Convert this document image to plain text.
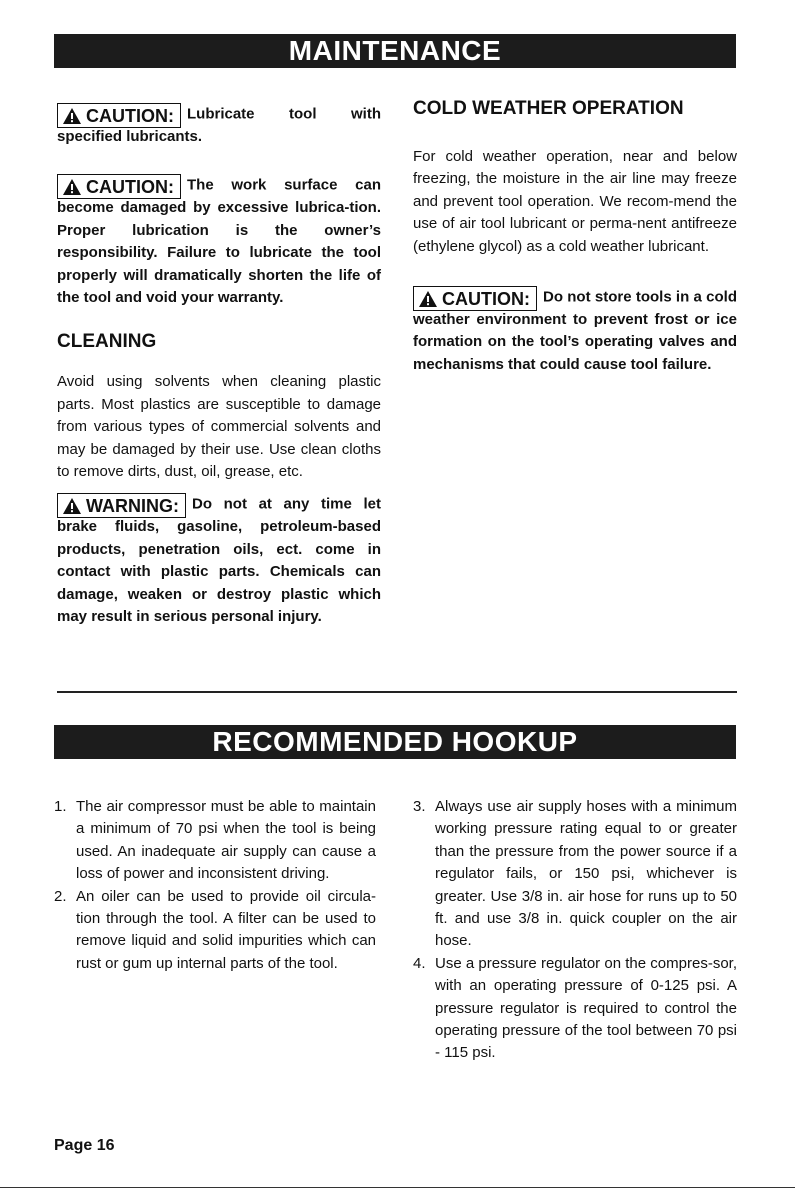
MAINTENANCE

CAUTION: Lubricate tool with specified lubricants.

CAUTION: The work surface can become damaged by excessive lubrica-tion. Proper lubrication is the owner’s responsibility. Failure to lubricate the tool properly will dramatically shorten the life of the tool and void your warranty.

CLEANING

Avoid using solvents when cleaning plastic parts. Most plastics are susceptible to damage from various types of commercial solvents and may be damaged by their use. Use clean cloths to remove dirts, dust, oil, grease, etc.

WARNING: Do not at any time let brake fluids, gasoline, petroleum-based products, penetration oils, ect. come in contact with plastic parts. Chemicals can damage, weaken or destroy plastic which may result in serious personal injury.

COLD WEATHER OPERATION

For cold weather operation, near and below freezing, the moisture in the air line may freeze and prevent tool operation. We recom-mend the use of air tool lubricant or perma-nent antifreeze (ethylene glycol) as a cold weather lubricant.

CAUTION: Do not store tools in a cold weather environment to prevent frost or ice formation on the tool’s operating valves and mechanisms that could cause tool failure.

RECOMMENDED HOOKUP
1. The air compressor must be able to maintain a minimum of 70 psi when the tool is being used. An inadequate air supply can cause a loss of power and inconsistent driving.
2. An oiler can be used to provide oil circula-tion through the tool. A filter can be used to remove liquid and solid impurities which can rust or gum up internal parts of the tool.
3. Always use air supply hoses with a minimum working pressure rating equal to or greater than the pressure from the power source if a regulator fails, or 150 psi, whichever is greater. Use 3/8 in. air hose for runs up to 50 ft. and use 3/8 in. quick coupler on the air hose.
4. Use a pressure regulator on the compres-sor, with an operating pressure of 0-125 psi. A pressure regulator is required to control the operating pressure of the tool between 70 psi - 115 psi.
Page 16
